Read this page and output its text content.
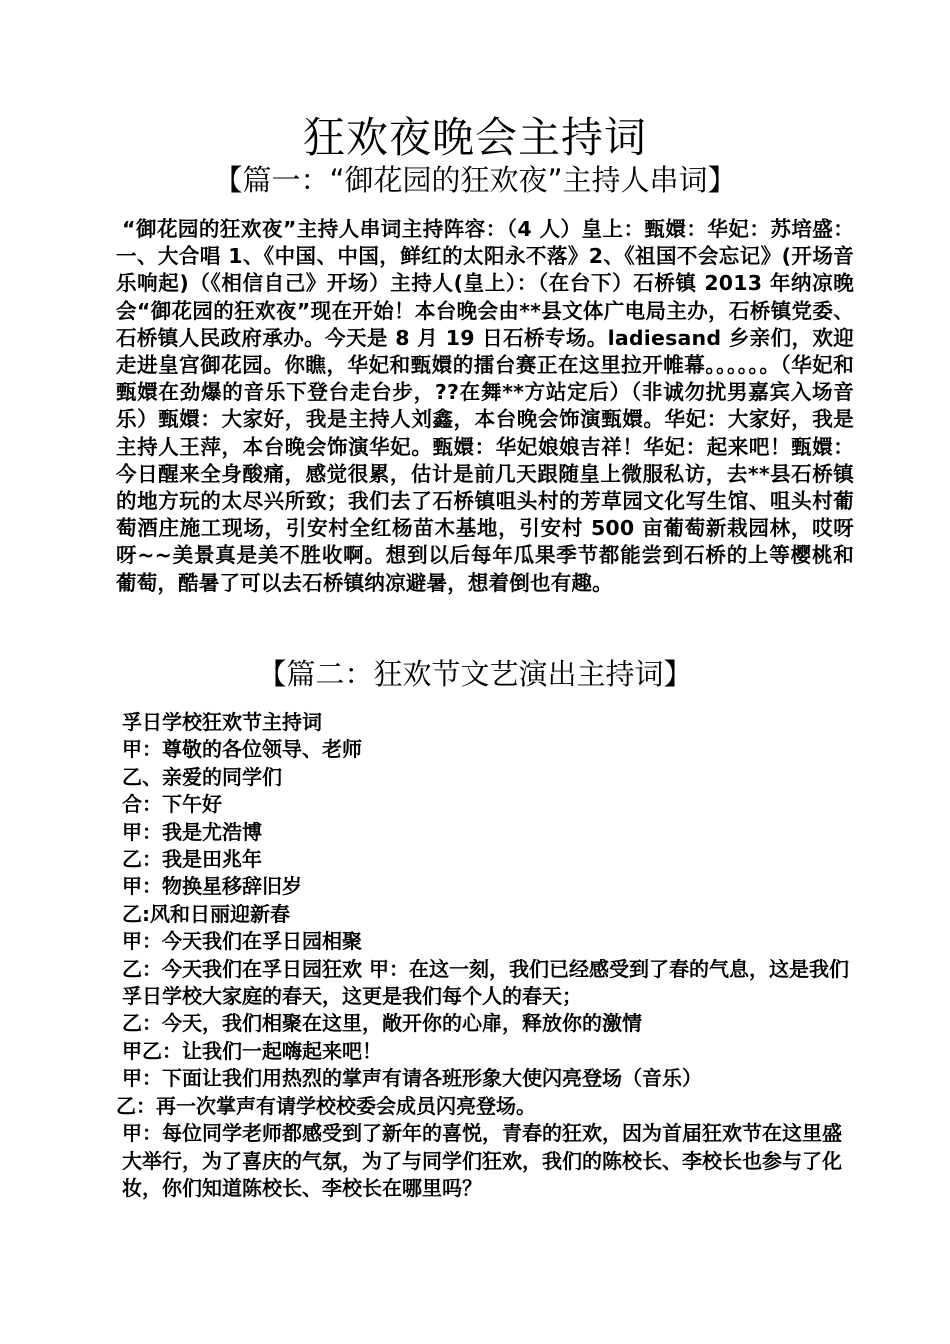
狂欢夜晚会主持词
【篇一：“御花园的狂欢夜”主持人串词】
“御花园的狂欢夜”主持人串词主持阵容：（4 人）皇上：甄嬛：华妃：苏培盛：一、大合唱 1、《中国、中国，鲜红的太阳永不落》2、《祖国不会忘记》(开场音乐响起)（《相信自己》开场）主持人(皇上）：（在台下）石桥镇 2013 年纳凉晚会“御花园的狂欢夜”现在开始！本台晚会由**县文体广电局主办，石桥镇党委、石桥镇人民政府承办。今天是 8 月 19 日石桥专场。ladiesand 乡亲们，欢迎走进皇宫御花园。你瞧，华妃和甄嬛的擂台赛正在这里拉开帷幕。。。。。。（华妃和甄嬛在劲爆的音乐下登台走台步，??在舞**方站定后）（非诚勿扰男嘉宾入场音乐）甄嬛：大家好，我是主持人刘鑫，本台晚会饰演甄嬛。华妃：大家好，我是主持人王萍，本台晚会饰演华妃。甄嬛：华妃娘娘吉祥！华妃：起来吧！甄嬛：今日醒来全身酸痛，感觉很累，估计是前几天跟随皇上微服私访，去**县石桥镇的地方玩的太尽兴所致；我们去了石桥镇咀头村的芳草园文化写生馆、咀头村葡萄酒庄施工现场，引安村全红杨苗木基地，引安村 500 亩葡萄新栽园林，哎呀呀~~美景真是美不胜收啊。想到以后每年瓜果季节都能尝到石桥的上等樱桃和葡萄，酷暑了可以去石桥镇纳凉避暑，想着倒也有趣。
【篇二：狂欢节文艺演出主持词】
孚日学校狂欢节主持词
甲：尊敬的各位领导、老师
乙、亲爱的同学们
合：下午好
甲：我是尤浩博
乙：我是田兆年
甲：物换星移辞旧岁
乙:风和日丽迎新春
甲：今天我们在孚日园相聚
乙：今天我们在孚日园狂欢 甲：在这一刻，我们已经感受到了春的气息，这是我们孚日学校大家庭的春天，这更是我们每个人的春天；
乙：今天，我们相聚在这里，敞开你的心扉，释放你的激情
甲乙：让我们一起嗨起来吧！
甲：下面让我们用热烈的掌声有请各班形象大使闪亮登场（音乐）
乙：再一次掌声有请学校校委会成员闪亮登场。
甲：每位同学老师都感受到了新年的喜悦，青春的狂欢，因为首届狂欢节在这里盛大举行，为了喜庆的气氛，为了与同学们狂欢，我们的陈校长、李校长也参与了化妆，你们知道陈校长、李校长在哪里吗？
